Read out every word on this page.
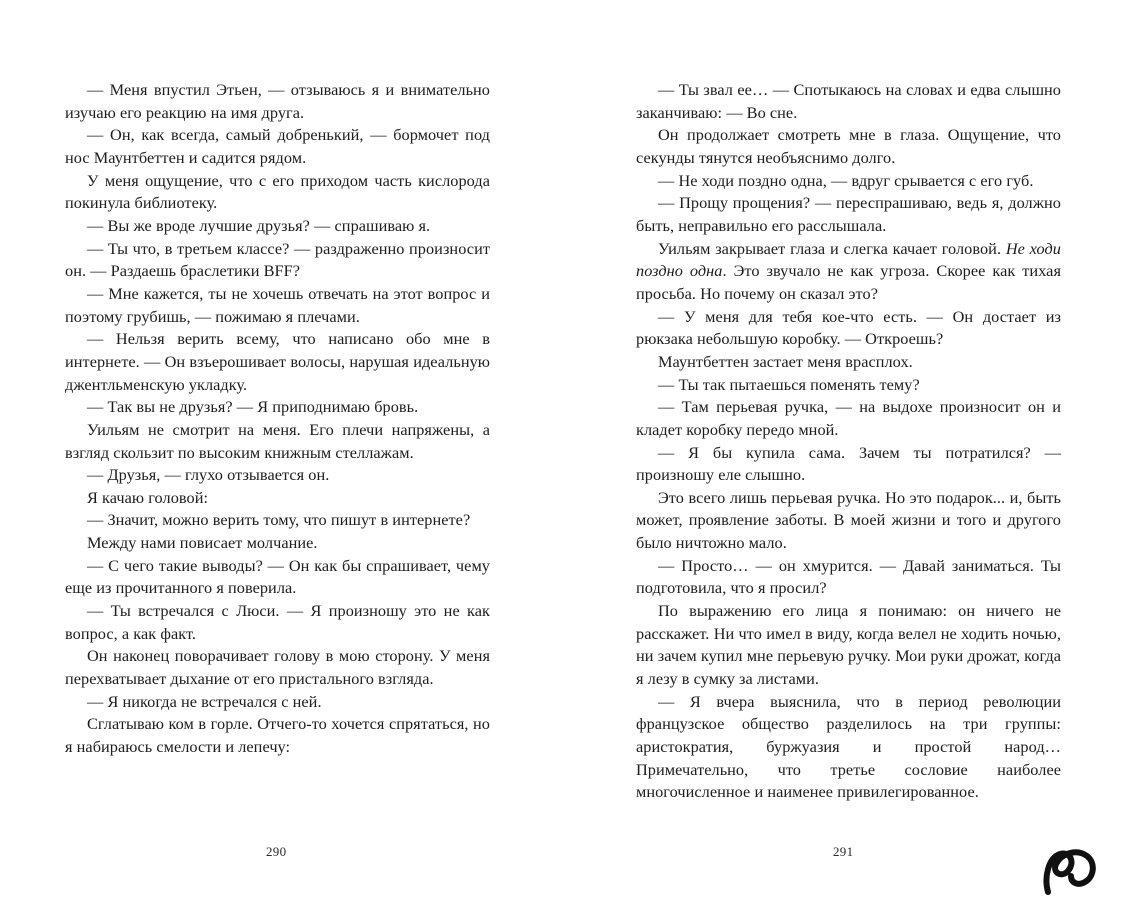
— Меня впустил Этьен, — отзываюсь я и внимательно изучаю его реакцию на имя друга.

— Он, как всегда, самый добренький, — бормочет под нос Маунтбеттен и садится рядом.

У меня ощущение, что с его приходом часть кислорода покинула библиотеку.

— Вы же вроде лучшие друзья? — спрашиваю я.

— Ты что, в третьем классе? — раздраженно произносит он. — Раздаешь браслетики BFF?

— Мне кажется, ты не хочешь отвечать на этот вопрос и поэтому грубишь, — пожимаю я плечами.

— Нельзя верить всему, что написано обо мне в интернете. — Он взъерошивает волосы, нарушая идеальную джентльменскую укладку.

— Так вы не друзья? — Я приподнимаю бровь.

Уильям не смотрит на меня. Его плечи напряжены, а взгляд скользит по высоким книжным стеллажам.

— Друзья, — глухо отзывается он.

Я качаю головой:

— Значит, можно верить тому, что пишут в интернете?

Между нами повисает молчание.

— С чего такие выводы? — Он как бы спрашивает, чему еще из прочитанного я поверила.

— Ты встречался с Люси. — Я произношу это не как вопрос, а как факт.

Он наконец поворачивает голову в мою сторону. У меня перехватывает дыхание от его пристального взгляда.

— Я никогда не встречался с ней.

Сглатываю ком в горле. Отчего-то хочется спрятаться, но я набираюсь смелости и лепечу:

— Ты звал ее… — Спотыкаюсь на словах и едва слышно заканчиваю: — Во сне.

Он продолжает смотреть мне в глаза. Ощущение, что секунды тянутся необъяснимо долго.

— Не ходи поздно одна, — вдруг срывается с его губ.

— Прощу прощения? — переспрашиваю, ведь я, должно быть, неправильно его расслышала.

Уильям закрывает глаза и слегка качает головой. Не ходи поздно одна. Это звучало не как угроза. Скорее как тихая просьба. Но почему он сказал это?

— У меня для тебя кое-что есть. — Он достает из рюкзака небольшую коробку. — Откроешь?

Маунтбеттен застает меня врасплох.

— Ты так пытаешься поменять тему?

— Там перьевая ручка, — на выдохе произносит он и кладет коробку передо мной.

— Я бы купила сама. Зачем ты потратился? — произношу еле слышно.

Это всего лишь перьевая ручка. Но это подарок... и, быть может, проявление заботы. В моей жизни и того и другого было ничтожно мало.

— Просто… — он хмурится. — Давай заниматься. Ты подготовила, что я просил?

По выражению его лица я понимаю: он ничего не расскажет. Ни что имел в виду, когда велел не ходить ночью, ни зачем купил мне перьевую ручку. Мои руки дрожат, когда я лезу в сумку за листами.

— Я вчера выяснила, что в период революции французское общество разделилось на три группы: аристократия, буржуазия и простой народ… Примечательно, что третье сословие наиболее многочисленное и наименее привилегированное.

290	291
